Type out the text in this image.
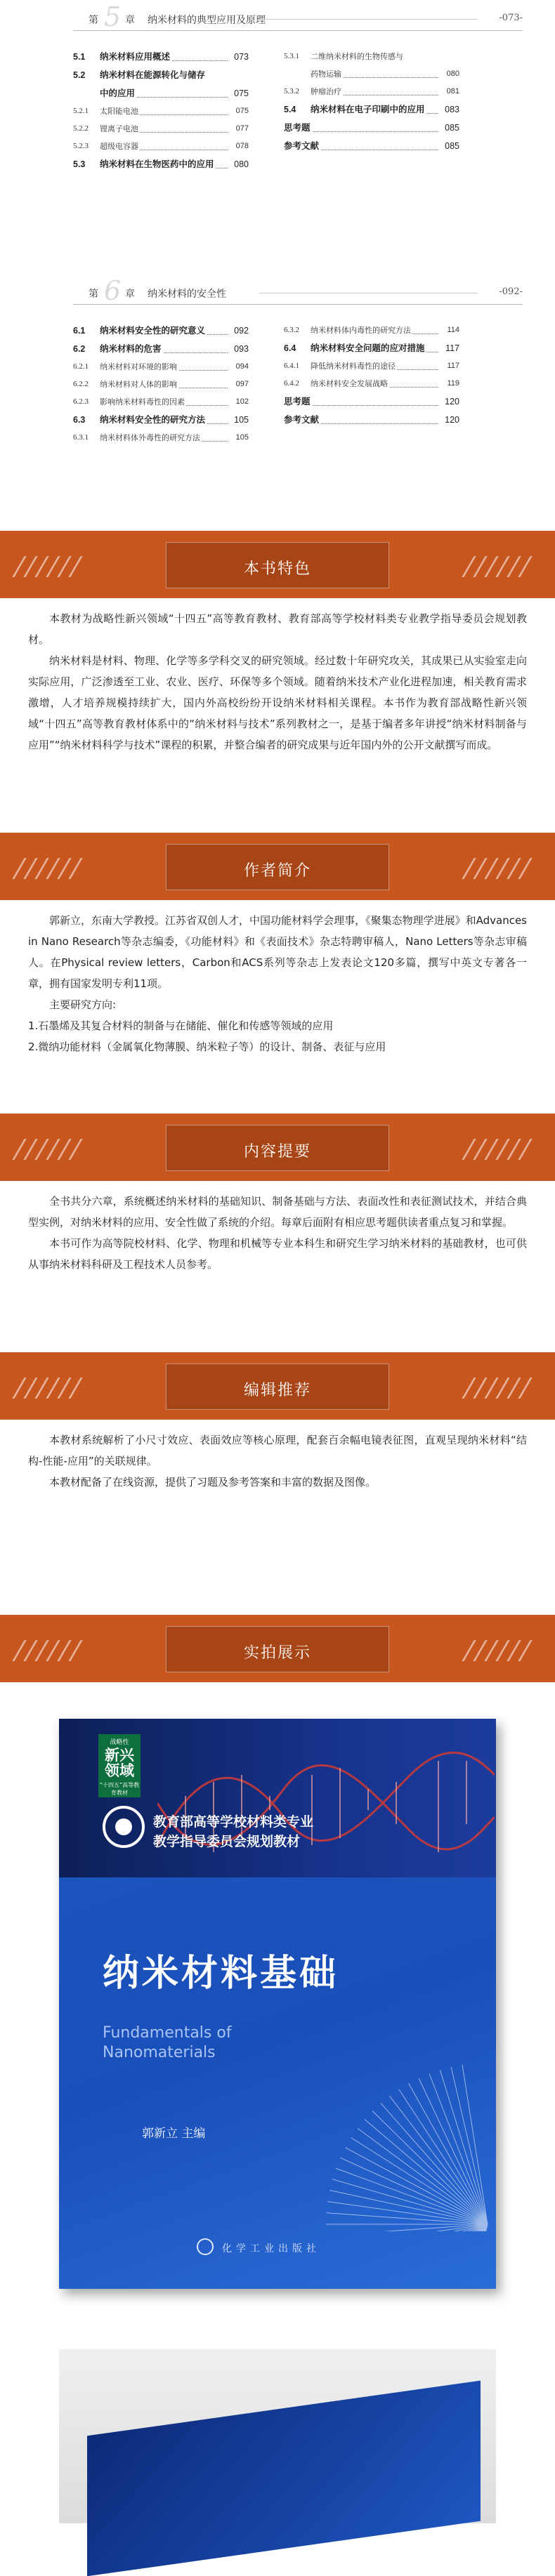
第 5 章 纳米材料的典型应用及原理	-073-
5.1 纳米材料应用概述	073
5.2 纳米材料在能源转化与储存
中的应用	075
5.2.1 太阳能电池	075
5.2.2 锂离子电池	077
5.2.3 超级电容器	078
5.3 纳米材料在生物医药中的应用 080
5.3.1 二维纳米材料的生物传感与
药物运输	080
5.3.2 肿瘤治疗	081
5.4 纳米材料在电子印刷中的应用 083
思考题	085
参考文献	085
第 6 章 纳米材料的安全性	-092-
6.1 纳米材料安全性的研究意义	092
6.2 纳米材料的危害	093
6.2.1 纳米材料对环境的影响	094
6.2.2 纳米材料对人体的影响	097
6.2.3 影响纳米材料毒性的因素	102
6.3 纳米材料安全性的研究方法	105
6.3.1 纳米材料体外毒性的研究方法	105
6.3.2 纳米材料体内毒性的研究方法	114
6.4 纳米材料安全问题的应对措施 117
6.4.1 降低纳米材料毒性的途径	117
6.4.2 纳米材料安全发展战略	119
思考题	120
参考文献	120
本书特色

本教材为战略性新兴领域“十四五”高等教育教材、教育部高等学校材料类专业教学指导委员会规划教材。

纳米材料是材料、物理、化学等多学科交叉的研究领域。经过数十年研究攻关，其成果已从实验室走向实际应用，广泛渗透至工业、农业、医疗、环保等多个领域。随着纳米技术产业化进程加速，相关教育需求激增，人才培养规模持续扩大，国内外高校纷纷开设纳米材料相关课程。本书作为教育部战略性新兴领域“十四五”高等教育教材体系中的“纳米材料与技术”系列教材之一，是基于编者多年讲授“纳米材料制备与应用”“纳米材料科学与技术”课程的积累，并整合编者的研究成果与近年国内外的公开文献撰写而成。

作者简介

郭新立，东南大学教授。江苏省双创人才，中国功能材料学会理事，《聚集态物理学进展》和Advances in Nano Research等杂志编委，《功能材料》和《表面技术》杂志特聘审稿人，Nano Letters等杂志审稿人。在Physical review letters，Carbon和ACS系列等杂志上发表论文120多篇，撰写中英文专著各一章，拥有国家发明专利11项。

主要研究方向:

1.石墨烯及其复合材料的制备与在储能、催化和传感等领域的应用

2.微纳功能材料（金属氧化物薄膜、纳米粒子等）的设计、制备、表征与应用

内容提要

全书共分六章，系统概述纳米材料的基础知识、制备基础与方法、表面改性和表征测试技术，并结合典型实例，对纳米材料的应用、安全性做了系统的介绍。每章后面附有相应思考题供读者重点复习和掌握。

本书可作为高等院校材料、化学、物理和机械等专业本科生和研究生学习纳米材料的基础教材，也可供从事纳米材料科研及工程技术人员参考。

编辑推荐

本教材系统解析了小尺寸效应、表面效应等核心原理，配套百余幅电镜表征图，直观呈现纳米材料“结构-性能-应用”的关联规律。

本教材配备了在线资源，提供了习题及参考答案和丰富的数据及图像。

实拍展示
战略性
新兴领域
“十四五”高等教育教材
教育部高等学校材料类专业
教学指导委员会规划教材
纳米材料基础
Fundamentals of
Nanomaterials
郭新立 主编
化学工业出版社
